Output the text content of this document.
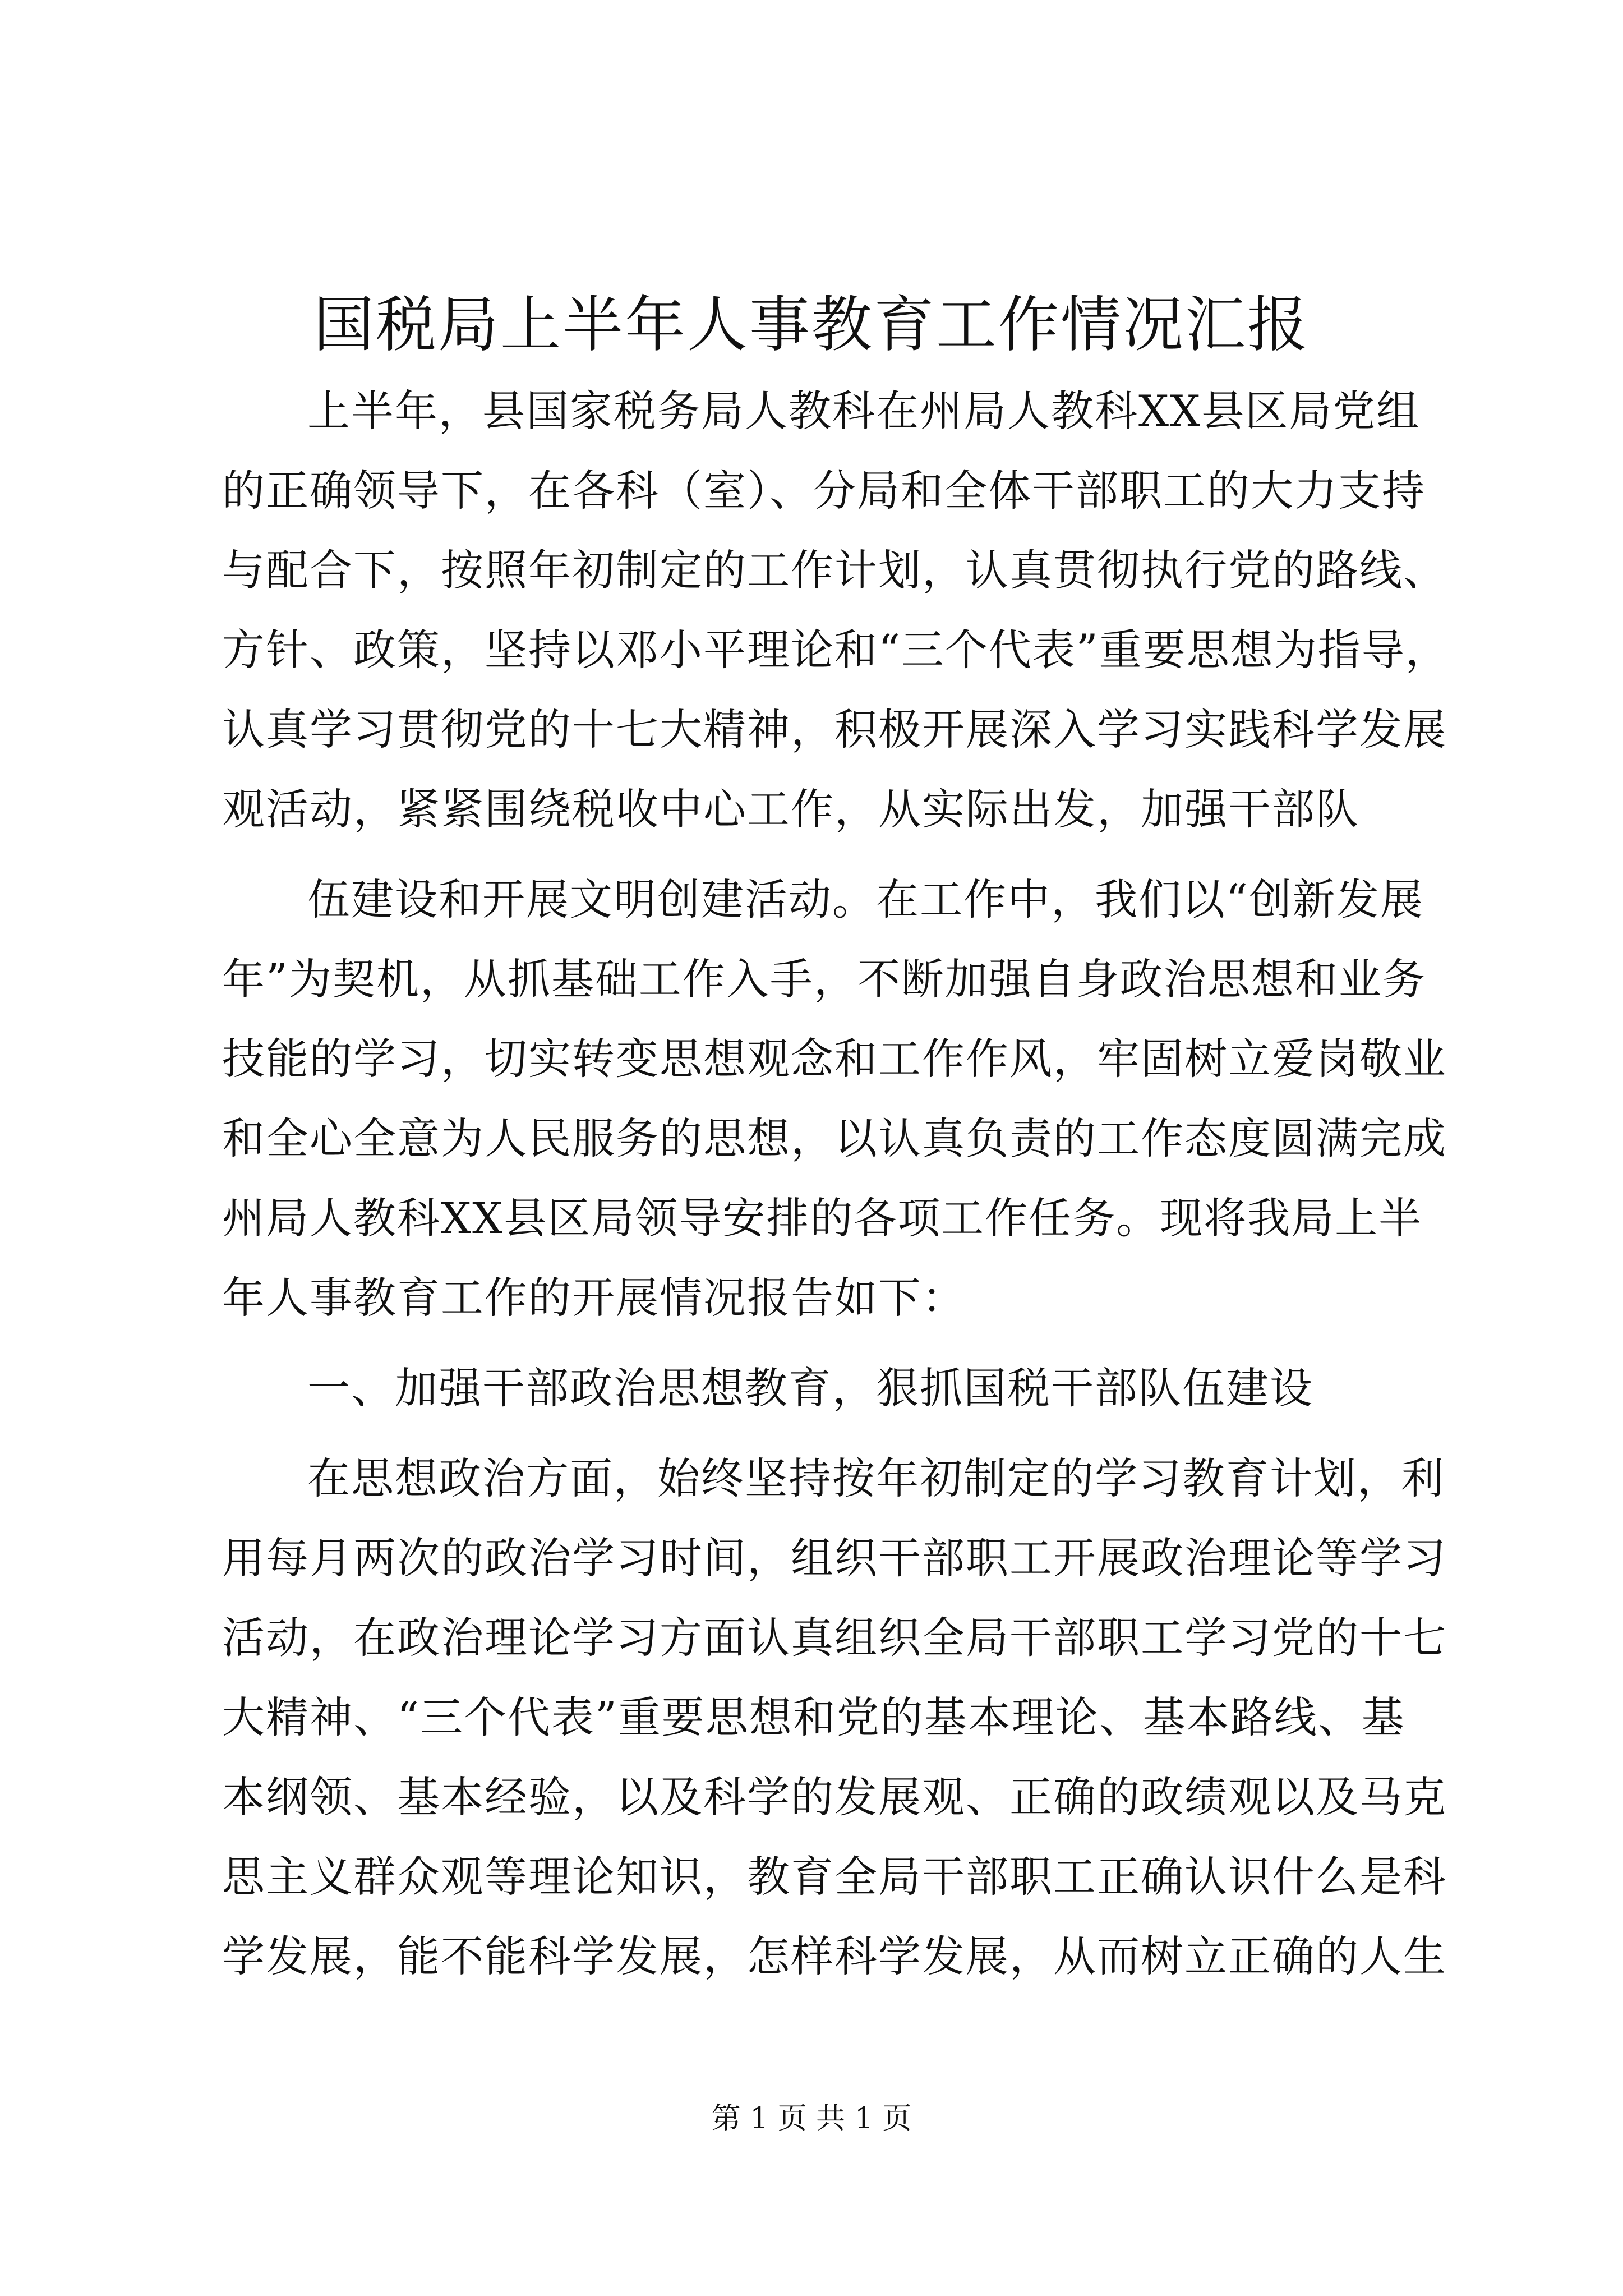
国税局上半年人事教育工作情况汇报
上半年，县国家税务局人教科在州局人教科XX县区局党组
的正确领导下，在各科（室）、分局和全体干部职工的大力支持
与配合下，按照年初制定的工作计划，认真贯彻执行党的路线、
方针、政策，坚持以邓小平理论和“三个代表”重要思想为指导，
认真学习贯彻党的十七大精神，积极开展深入学习实践科学发展
观活动，紧紧围绕税收中心工作，从实际出发，加强干部队
伍建设和开展文明创建活动。在工作中，我们以“创新发展
年”为契机，从抓基础工作入手，不断加强自身政治思想和业务
技能的学习，切实转变思想观念和工作作风，牢固树立爱岗敬业
和全心全意为人民服务的思想，以认真负责的工作态度圆满完成
州局人教科XX县区局领导安排的各项工作任务。现将我局上半
年人事教育工作的开展情况报告如下：
一、加强干部政治思想教育，狠抓国税干部队伍建设
在思想政治方面，始终坚持按年初制定的学习教育计划，利
用每月两次的政治学习时间，组织干部职工开展政治理论等学习
活动，在政治理论学习方面认真组织全局干部职工学习党的十七
大精神、“三个代表”重要思想和党的基本理论、基本路线、基
本纲领、基本经验，以及科学的发展观、正确的政绩观以及马克
思主义群众观等理论知识，教育全局干部职工正确认识什么是科
学发展，能不能科学发展，怎样科学发展，从而树立正确的人生
第 1 页 共 1 页
